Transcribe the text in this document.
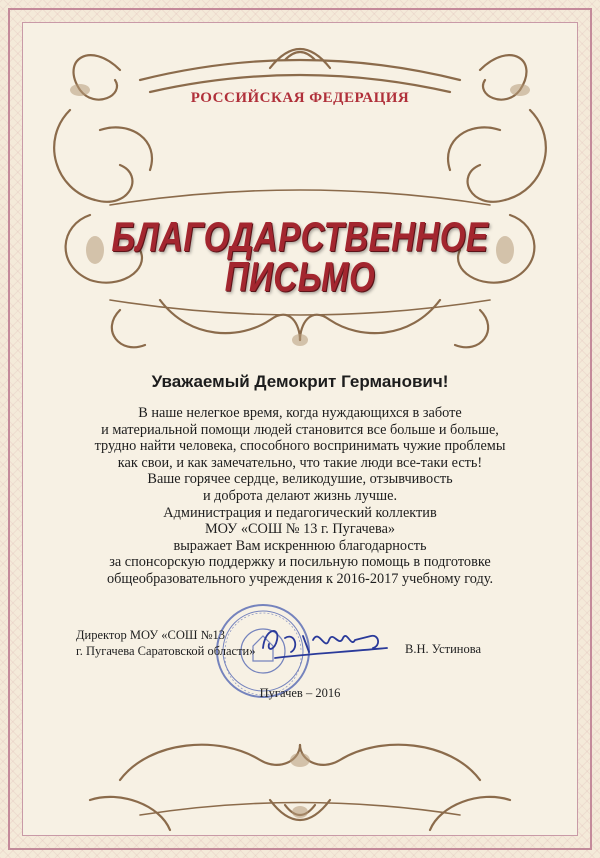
РОССИЙСКАЯ ФЕДЕРАЦИЯ
БЛАГОДАРСТВЕННОЕ
ПИСЬМО
Уважаемый Демокрит Германович!
В наше нелегкое время, когда нуждающихся в заботе
и материальной помощи людей становится все больше и больше,
трудно найти человека, способного воспринимать чужие проблемы
как свои, и как замечательно, что такие люди все-таки есть!
Ваше горячее сердце, великодушие, отзывчивость
и доброта делают жизнь лучше.
Администрация и педагогический коллектив
МОУ «СОШ № 13 г. Пугачева»
выражает Вам искреннюю благодарность
за спонсорскую поддержку и посильную помощь в подготовке
общеобразовательного учреждения к 2016-2017 учебному году.
Директор МОУ «СОШ №13
г. Пугачева Саратовской области»	В.Н. Устинова
Пугачев – 2016
